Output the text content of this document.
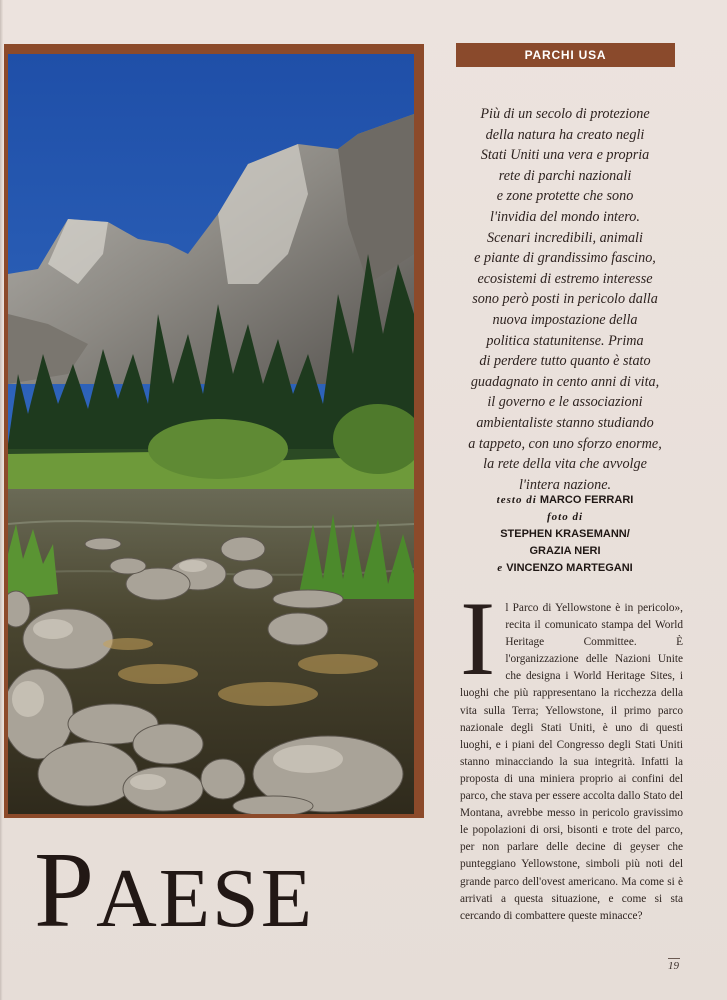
PARCHI USA
Più di un secolo di protezione
della natura ha creato negli
Stati Uniti una vera e propria
rete di parchi nazionali
e zone protette che sono
l'invidia del mondo intero.
Scenari incredibili, animali
e piante di grandissimo fascino,
ecosistemi di estremo interesse
sono però posti in pericolo dalla
nuova impostazione della
politica statunitense. Prima
di perdere tutto quanto è stato
guadagnato in cento anni di vita,
il governo e le associazioni
ambientaliste stanno studiando
a tappeto, con uno sforzo enorme,
la rete della vita che avvolge
l'intera nazione.
testo di MARCO FERRARI
foto di
STEPHEN KRASEMANN/
GRAZIA NERI
e VINCENZO MARTEGANI
Il Parco di Yellowstone è in pericolo», recita il comunicato stampa del World Heritage Committee. È l'organizzazione delle Nazioni Unite che designa i World Heritage Sites, i luoghi che più rappresentano la ricchezza della vita sulla Terra; Yellowstone, il primo parco nazionale degli Stati Uniti, è uno di questi luoghi, e i piani del Congresso degli Stati Uniti stanno minacciando la sua integrità. Infatti la proposta di una miniera proprio ai confini del parco, che stava per essere accolta dallo Stato del Montana, avrebbe messo in pericolo gravissimo le popolazioni di orsi, bisonti e trote del parco, per non parlare delle decine di geyser che punteggiano Yellowstone, simboli più noti del grande parco dell'ovest americano. Ma come si è arrivati a questa situazione, e come si sta cercando di combattere queste minacce?
PAESE
19
